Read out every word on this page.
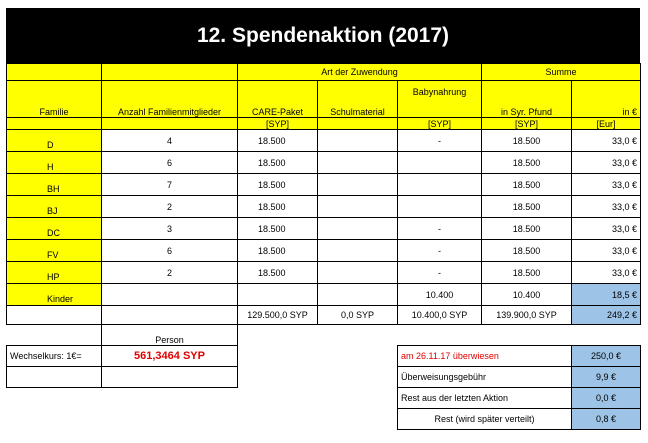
12. Spendenaktion (2017)
		Art der Zuwendung			Summe	
Familie	Anzahl Familienmitglieder	CARE-Paket	Schulmaterial	Babynahrung	in Syr. Pfund	in €
		[SYP]		[SYP]	[SYP]	[Eur]
D	4	18.500		-	18.500	33,0 €
H	6	18.500			18.500	33,0 €
BH	7	18.500			18.500	33,0 €
BJ	2	18.500			18.500	33,0 €
DC	3	18.500		-	18.500	33,0 €
FV	6	18.500		-	18.500	33,0 €
HP	2	18.500		-	18.500	33,0 €
Kinder				10.400	10.400	18,5 €
		129.500,0 SYP	0,0 SYP	10.400,0 SYP	139.900,0 SYP	249,2 €
	Person					
Wechselkurs: 1€=	561,3464 SYP			am 26.11.17 überwiesen		250,0 €
				Überweisungsgebühr		9,9 €
				Rest aus der letzten Aktion		0,0 €
				Rest (wird später verteilt)		0,8 €
